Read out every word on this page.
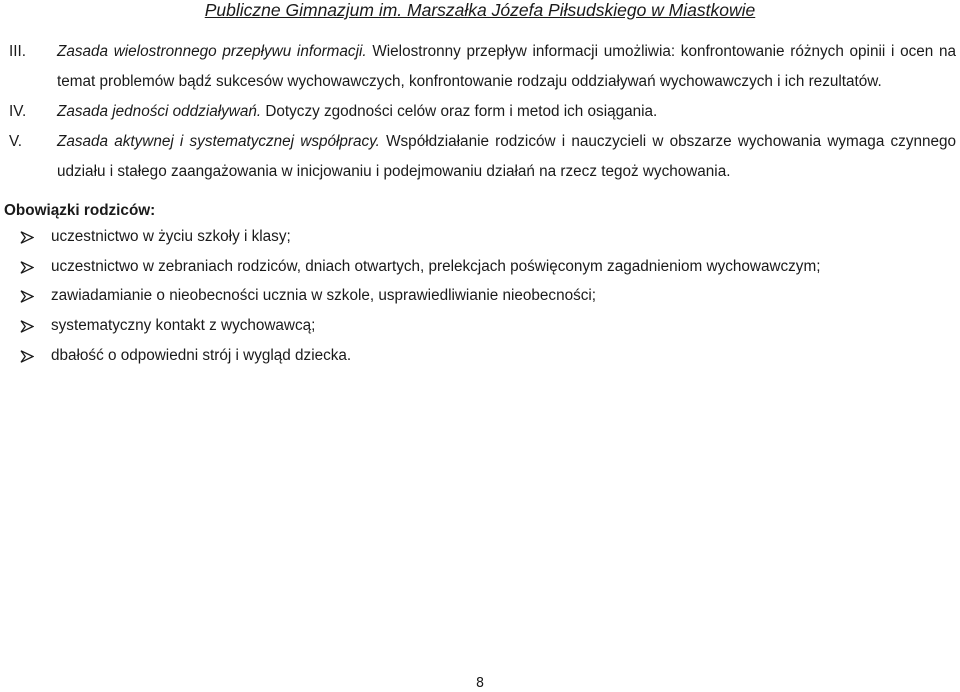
Publiczne Gimnazjum im. Marszałka Józefa Piłsudskiego w Miastkowie
III. Zasada wielostronnego przepływu informacji. Wielostronny przepływ informacji umożliwia: konfrontowanie różnych opinii i ocen na
temat problemów bądź sukcesów wychowawczych, konfrontowanie rodzaju oddziaływań wychowawczych i ich rezultatów.
IV. Zasada jedności oddziaływań. Dotyczy zgodności celów oraz form i metod ich osiągania.
V. Zasada aktywnej i systematycznej współpracy. Współdziałanie rodziców i nauczycieli w obszarze wychowania wymaga czynnego
udziału i stałego zaangażowania w inicjowaniu i podejmowaniu działań na rzecz tegoż wychowania.
Obowiązki rodziców:
uczestnictwo w życiu szkoły i klasy;
uczestnictwo w zebraniach rodziców, dniach otwartych, prelekcjach poświęconym zagadnieniom wychowawczym;
zawiadamianie o nieobecności ucznia w szkole, usprawiedliwianie nieobecności;
systematyczny kontakt z wychowawcą;
dbałość o odpowiedni strój i wygląd dziecka.
8
